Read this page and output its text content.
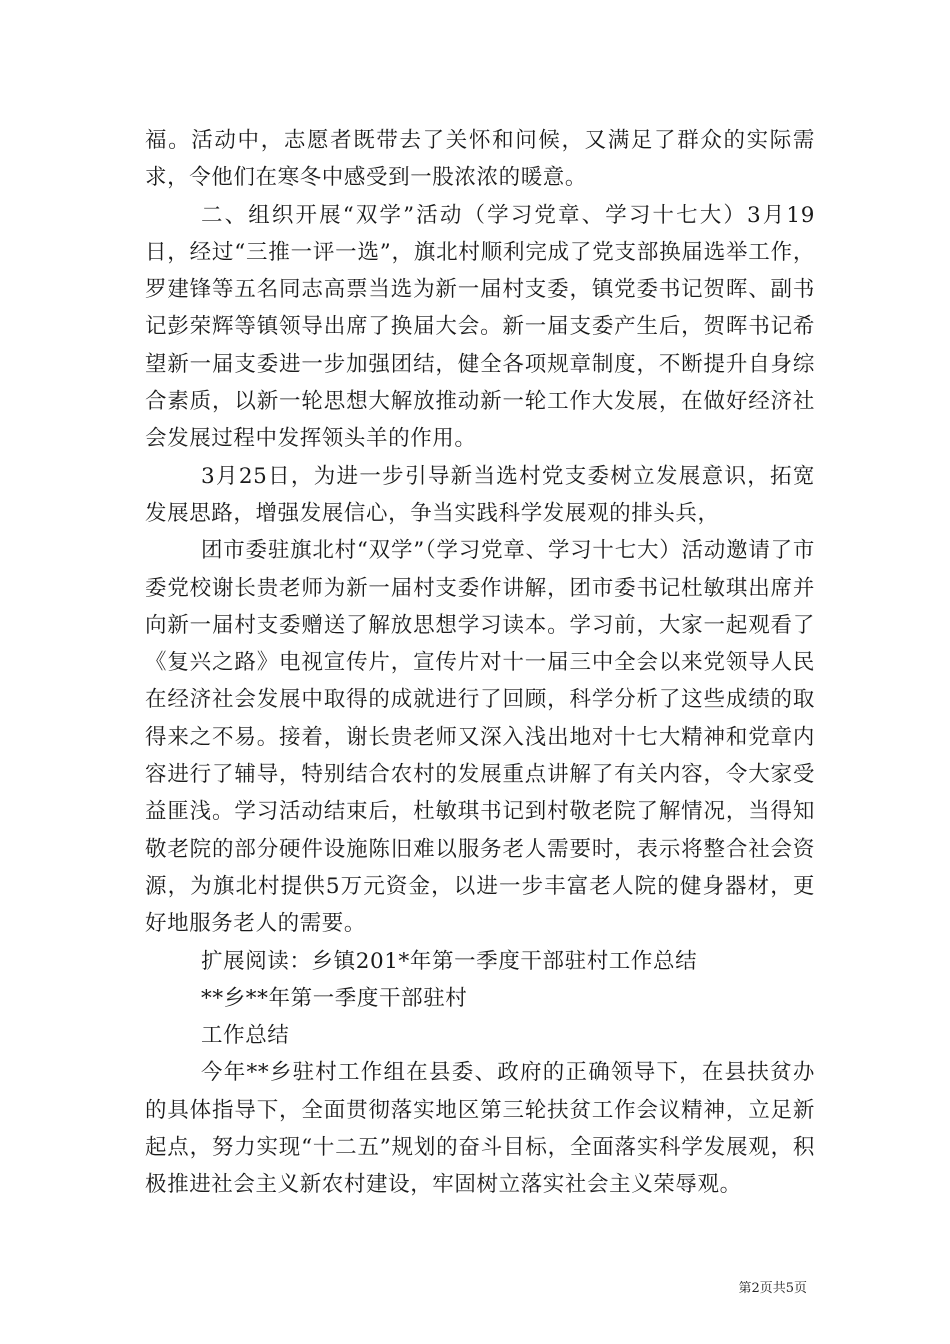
福。活动中，志愿者既带去了关怀和问候，又满足了群众的实际需求，令他们在寒冬中感受到一股浓浓的暖意。

二、组织开展“双学”活动（学习党章、学习十七大）3月19日，经过“三推一评一选”，旗北村顺利完成了党支部换届选举工作，罗建锋等五名同志高票当选为新一届村支委，镇党委书记贺晖、副书记彭荣辉等镇领导出席了换届大会。新一届支委产生后，贺晖书记希望新一届支委进一步加强团结，健全各项规章制度，不断提升自身综合素质，以新一轮思想大解放推动新一轮工作大发展，在做好经济社会发展过程中发挥领头羊的作用。

3月25日，为进一步引导新当选村党支委树立发展意识，拓宽发展思路，增强发展信心，争当实践科学发展观的排头兵，

团市委驻旗北村“双学”（学习党章、学习十七大）活动邀请了市委党校谢长贵老师为新一届村支委作讲解，团市委书记杜敏琪出席并向新一届村支委赠送了解放思想学习读本。学习前，大家一起观看了《复兴之路》电视宣传片，宣传片对十一届三中全会以来党领导人民在经济社会发展中取得的成就进行了回顾，科学分析了这些成绩的取得来之不易。接着，谢长贵老师又深入浅出地对十七大精神和党章内容进行了辅导，特别结合农村的发展重点讲解了有关内容，令大家受益匪浅。学习活动结束后，杜敏琪书记到村敬老院了解情况，当得知敬老院的部分硬件设施陈旧难以服务老人需要时，表示将整合社会资源，为旗北村提供5万元资金，以进一步丰富老人院的健身器材，更好地服务老人的需要。

扩展阅读：乡镇201*年第一季度干部驻村工作总结

**乡**年第一季度干部驻村

工作总结

今年**乡驻村工作组在县委、政府的正确领导下，在县扶贫办的具体指导下，全面贯彻落实地区第三轮扶贫工作会议精神，立足新起点，努力实现“十二五”规划的奋斗目标，全面落实科学发展观，积极推进社会主义新农村建设，牢固树立落实社会主义荣辱观。

第2页共5页
